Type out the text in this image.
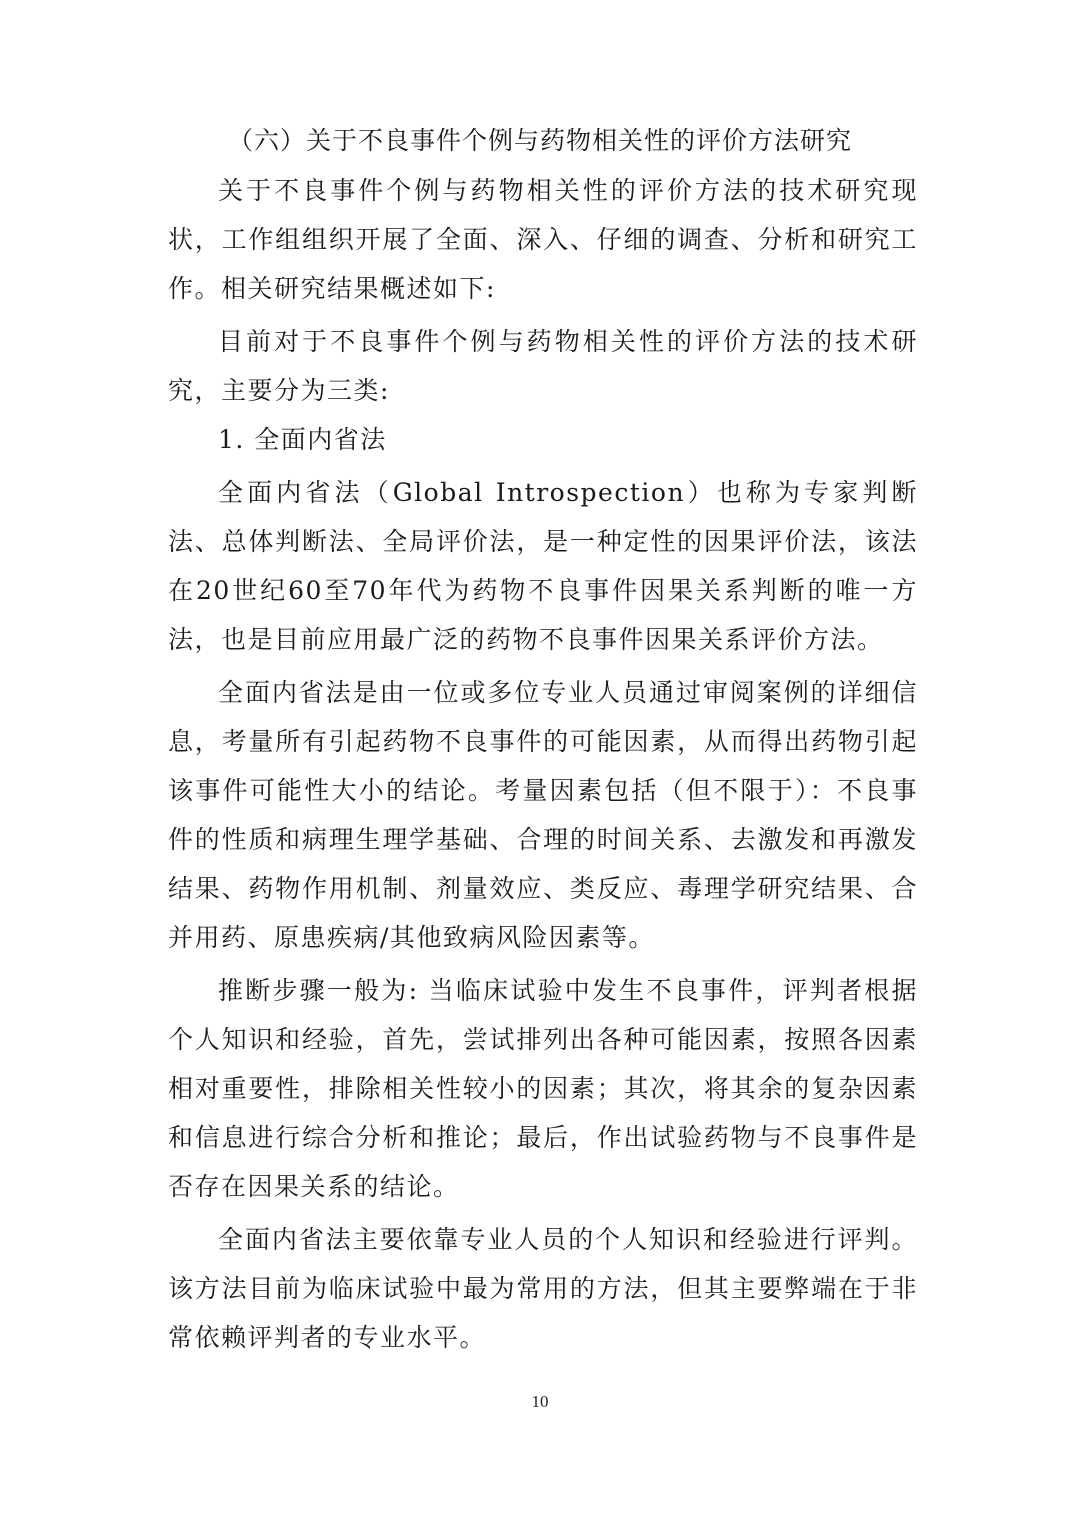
（六）关于不良事件个例与药物相关性的评价方法研究

关于不良事件个例与药物相关性的评价方法的技术研究现状，工作组组织开展了全面、深入、仔细的调查、分析和研究工作。相关研究结果概述如下:

目前对于不良事件个例与药物相关性的评价方法的技术研究，主要分为三类:

1. 全面内省法

全面内省法（Global Introspection）也称为专家判断法、总体判断法、全局评价法，是一种定性的因果评价法，该法在20世纪60至70年代为药物不良事件因果关系判断的唯一方法，也是目前应用最广泛的药物不良事件因果关系评价方法。

全面内省法是由一位或多位专业人员通过审阅案例的详细信息，考量所有引起药物不良事件的可能因素，从而得出药物引起该事件可能性大小的结论。考量因素包括（但不限于）：不良事件的性质和病理生理学基础、合理的时间关系、去激发和再激发结果、药物作用机制、剂量效应、类反应、毒理学研究结果、合并用药、原患疾病/其他致病风险因素等。

推断步骤一般为: 当临床试验中发生不良事件，评判者根据个人知识和经验，首先，尝试排列出各种可能因素，按照各因素相对重要性，排除相关性较小的因素；其次，将其余的复杂因素和信息进行综合分析和推论；最后，作出试验药物与不良事件是否存在因果关系的结论。

全面内省法主要依靠专业人员的个人知识和经验进行评判。该方法目前为临床试验中最为常用的方法，但其主要弊端在于非常依赖评判者的专业水平。

10
